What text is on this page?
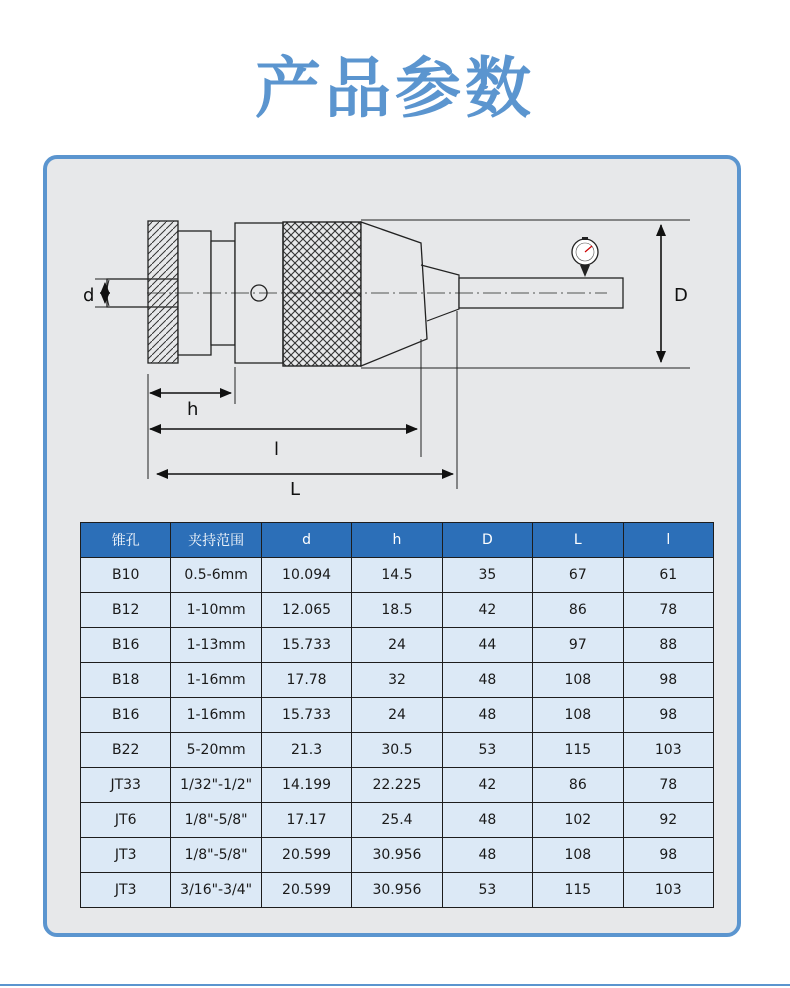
产品参数
d	D
h
l
L
锥孔	夹持范围	d	h	D	L	l
B10	0.5-6mm	10.094	14.5	35	67	61
B12	1-10mm	12.065	18.5	42	86	78
B16	1-13mm	15.733	24	44	97	88
B18	1-16mm	17.78	32	48	108	98
B16	1-16mm	15.733	24	48	108	98
B22	5-20mm	21.3	30.5	53	115	103
JT33	1/32"-1/2"	14.199	22.225	42	86	78
JT6	1/8"-5/8"	17.17	25.4	48	102	92
JT3	1/8"-5/8"	20.599	30.956	48	108	98
JT3	3/16"-3/4"	20.599	30.956	53	115	103
